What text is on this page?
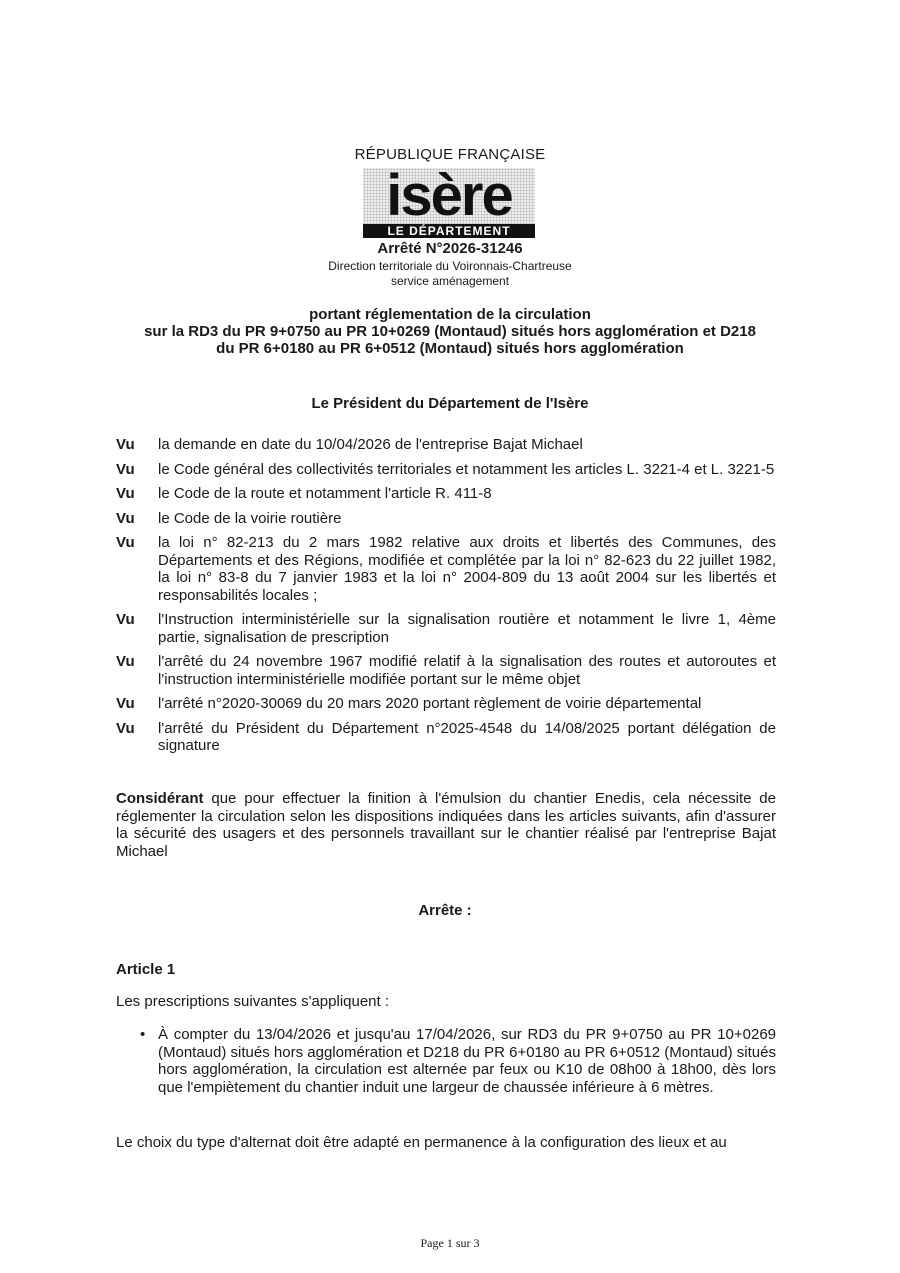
RÉPUBLIQUE FRANÇAISE
isère
LE DÉPARTEMENT
Arrêté N°2026-31246
Direction territoriale du Voironnais-Chartreuse
service aménagement
portant réglementation de la circulation
sur la RD3 du PR 9+0750 au PR 10+0269 (Montaud) situés hors agglomération et D218
du PR 6+0180 au PR 6+0512 (Montaud) situés hors agglomération
Le Président du Département de l'Isère
Vu	la demande en date du 10/04/2026 de l'entreprise Bajat Michael
Vu	le Code général des collectivités territoriales et notamment les articles L. 3221-4 et L. 3221-5
Vu	le Code de la route et notamment l'article R. 411-8
Vu	le Code de la voirie routière
Vu	la loi n° 82-213 du 2 mars 1982 relative aux droits et libertés des Communes, des Départements et des Régions, modifiée et complétée par la loi n° 82-623 du 22 juillet 1982, la loi n° 83-8 du 7 janvier 1983 et la loi n° 2004-809 du 13 août 2004 sur les libertés et responsabilités locales ;
Vu	l'Instruction interministérielle sur la signalisation routière et notamment le livre 1, 4ème partie, signalisation de prescription
Vu	l'arrêté du 24 novembre 1967 modifié relatif à la signalisation des routes et autoroutes et l'instruction interministérielle modifiée portant sur le même objet
Vu	l'arrêté n°2020-30069 du 20 mars 2020 portant règlement de voirie départemental
Vu	l'arrêté du Président du Département n°2025-4548 du 14/08/2025 portant délégation de signature
Considérant que pour effectuer la finition à l'émulsion du chantier Enedis, cela nécessite de réglementer la circulation selon les dispositions indiquées dans les articles suivants, afin d'assurer la sécurité des usagers et des personnels travaillant sur le chantier réalisé par l'entreprise Bajat Michael
Arrête :
Article 1
Les prescriptions suivantes s'appliquent :
• À compter du 13/04/2026 et jusqu'au 17/04/2026, sur RD3 du PR 9+0750 au PR 10+0269 (Montaud) situés hors agglomération et D218 du PR 6+0180 au PR 6+0512 (Montaud) situés hors agglomération, la circulation est alternée par feux ou K10 de 08h00 à 18h00, dès lors que l'empiètement du chantier induit une largeur de chaussée inférieure à 6 mètres.
Le choix du type d'alternat doit être adapté en permanence à la configuration des lieux et au
Page 1 sur 3
